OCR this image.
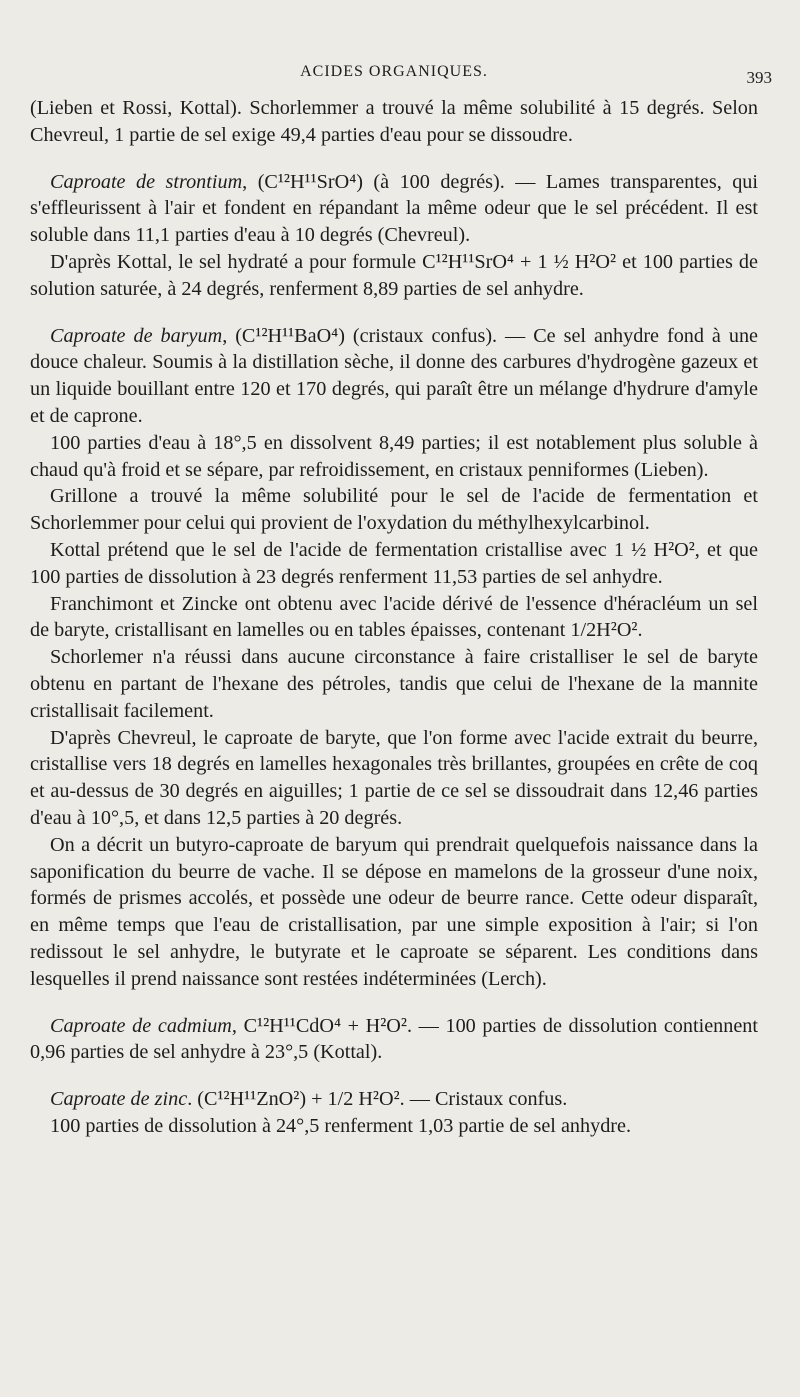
ACIDES ORGANIQUES.	393

(Lieben et Rossi, Kottal). Schorlemmer a trouvé la même solubilité à 15 degrés. Selon Chevreul, 1 partie de sel exige 49,4 parties d'eau pour se dissoudre.

Caproate de strontium, (C¹²H¹¹SrO⁴) (à 100 degrés). — Lames transparentes, qui s'effleurissent à l'air et fondent en répandant la même odeur que le sel précédent. Il est soluble dans 11,1 parties d'eau à 10 degrés (Chevreul).

D'après Kottal, le sel hydraté a pour formule C¹²H¹¹SrO⁴ + 1 ½ H²O² et 100 parties de solution saturée, à 24 degrés, renferment 8,89 parties de sel anhydre.

Caproate de baryum, (C¹²H¹¹BaO⁴) (cristaux confus). — Ce sel anhydre fond à une douce chaleur. Soumis à la distillation sèche, il donne des carbures d'hydrogène gazeux et un liquide bouillant entre 120 et 170 degrés, qui paraît être un mélange d'hydrure d'amyle et de caprone.

100 parties d'eau à 18°,5 en dissolvent 8,49 parties; il est notablement plus soluble à chaud qu'à froid et se sépare, par refroidissement, en cristaux penniformes (Lieben).

Grillone a trouvé la même solubilité pour le sel de l'acide de fermentation et Schorlemmer pour celui qui provient de l'oxydation du méthylhexylcarbinol.

Kottal prétend que le sel de l'acide de fermentation cristallise avec 1 ½ H²O², et que 100 parties de dissolution à 23 degrés renferment 11,53 parties de sel anhydre.

Franchimont et Zincke ont obtenu avec l'acide dérivé de l'essence d'héracléum un sel de baryte, cristallisant en lamelles ou en tables épaisses, contenant 1/2H²O².

Schorlemer n'a réussi dans aucune circonstance à faire cristalliser le sel de baryte obtenu en partant de l'hexane des pétroles, tandis que celui de l'hexane de la mannite cristallisait facilement.

D'après Chevreul, le caproate de baryte, que l'on forme avec l'acide extrait du beurre, cristallise vers 18 degrés en lamelles hexagonales très brillantes, groupées en crête de coq et au-dessus de 30 degrés en aiguilles; 1 partie de ce sel se dissoudrait dans 12,46 parties d'eau à 10°,5, et dans 12,5 parties à 20 degrés.

On a décrit un butyro-caproate de baryum qui prendrait quelquefois naissance dans la saponification du beurre de vache. Il se dépose en mamelons de la grosseur d'une noix, formés de prismes accolés, et possède une odeur de beurre rance. Cette odeur disparaît, en même temps que l'eau de cristallisation, par une simple exposition à l'air; si l'on redissout le sel anhydre, le butyrate et le caproate se séparent. Les conditions dans lesquelles il prend naissance sont restées indéterminées (Lerch).

Caproate de cadmium, C¹²H¹¹CdO⁴ + H²O². — 100 parties de dissolution contiennent 0,96 parties de sel anhydre à 23°,5 (Kottal).

Caproate de zinc. (C¹²H¹¹ZnO²) + 1/2 H²O². — Cristaux confus.

100 parties de dissolution à 24°,5 renferment 1,03 partie de sel anhydre.
